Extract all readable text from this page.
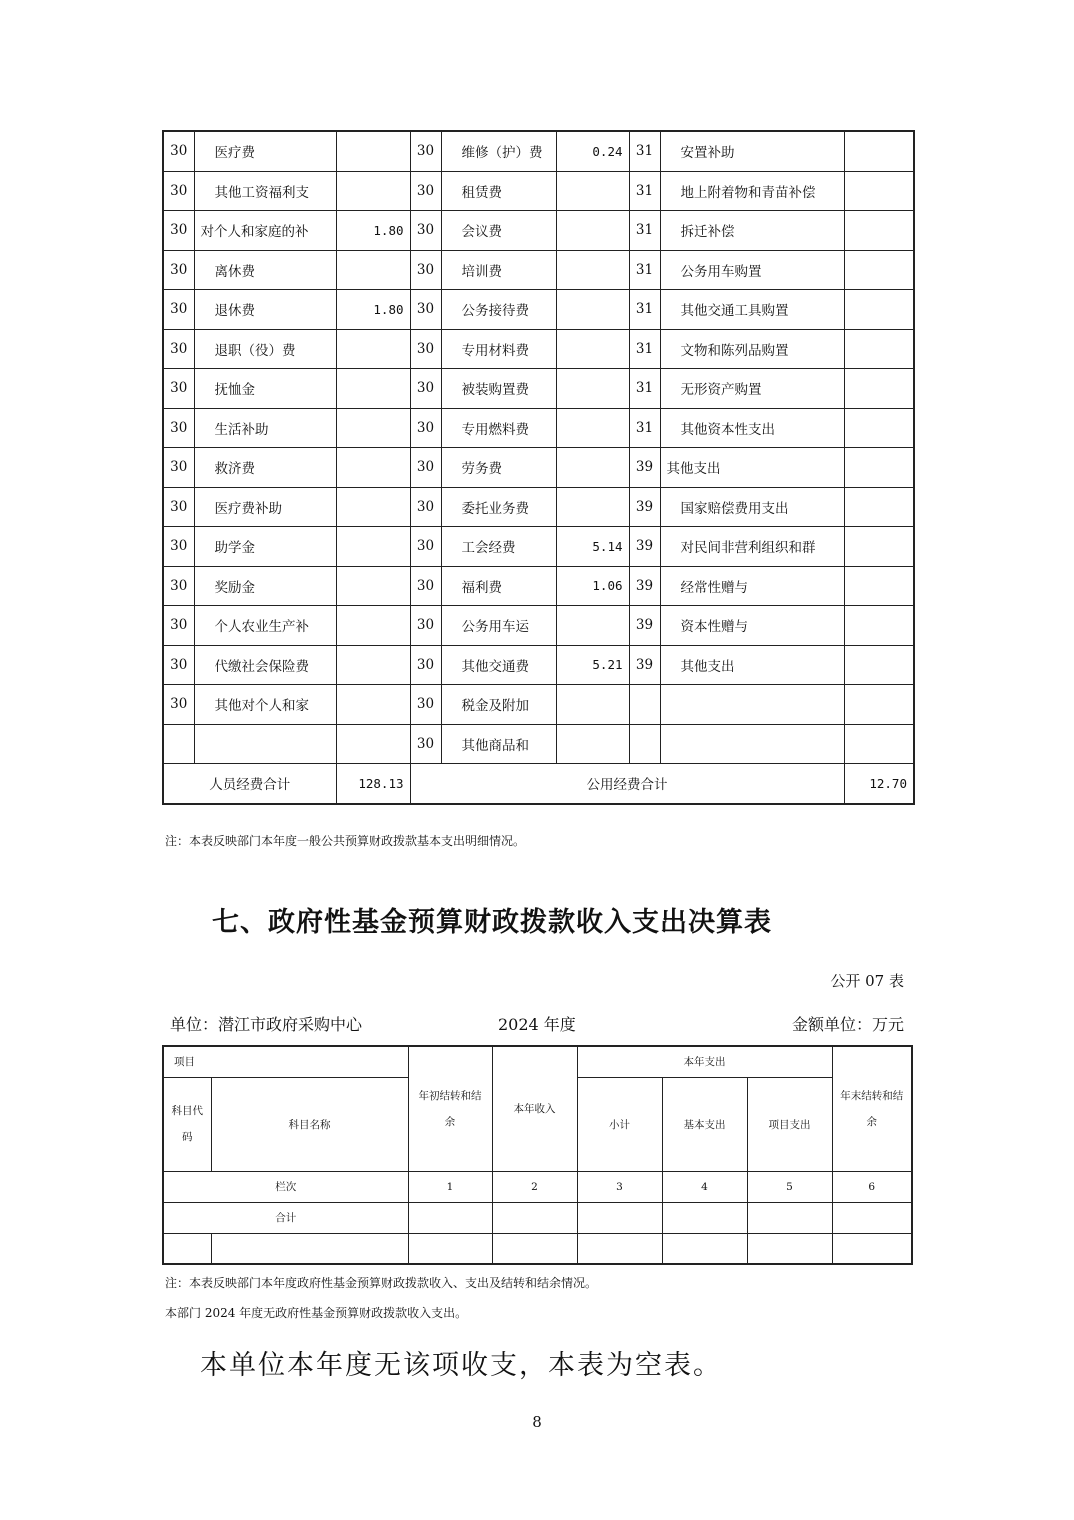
30	医疗费		30	维修（护）费	0.24	31	安置补助	
30	其他工资福利支		30	租赁费		31	地上附着物和青苗补偿	
30	对个人和家庭的补	1.80	30	会议费		31	拆迁补偿	
30	离休费		30	培训费		31	公务用车购置	
30	退休费	1.80	30	公务接待费		31	其他交通工具购置	
30	退职（役）费		30	专用材料费		31	文物和陈列品购置	
30	抚恤金		30	被装购置费		31	无形资产购置	
30	生活补助		30	专用燃料费		31	其他资本性支出	
30	救济费		30	劳务费		39	其他支出	
30	医疗费补助		30	委托业务费		39	国家赔偿费用支出	
30	助学金		30	工会经费	5.14	39	对民间非营利组织和群	
30	奖励金		30	福利费	1.06	39	经常性赠与	
30	个人农业生产补		30	公务用车运		39	资本性赠与	
30	代缴社会保险费		30	其他交通费	5.21	39	其他支出	
30	其他对个人和家		30	税金及附加				
			30	其他商品和				
人员经费合计		128.13	公用经费合计					12.70
注：本表反映部门本年度一般公共预算财政拨款基本支出明细情况。
七、政府性基金预算财政拨款收入支出决算表
公开 07 表
单位：潜江市政府采购中心	2024 年度	金额单位：万元
项目		年初结转和结余	本年收入	本年支出			年末结转和结余
科目代码	科目名称			小计	基本支出	项目支出	
栏次		1	2	3	4	5	6
合计							

注：本表反映部门本年度政府性基金预算财政拨款收入、支出及结转和结余情况。
本部门 2024 年度无政府性基金预算财政拨款收入支出。
本单位本年度无该项收支，本表为空表。
8
